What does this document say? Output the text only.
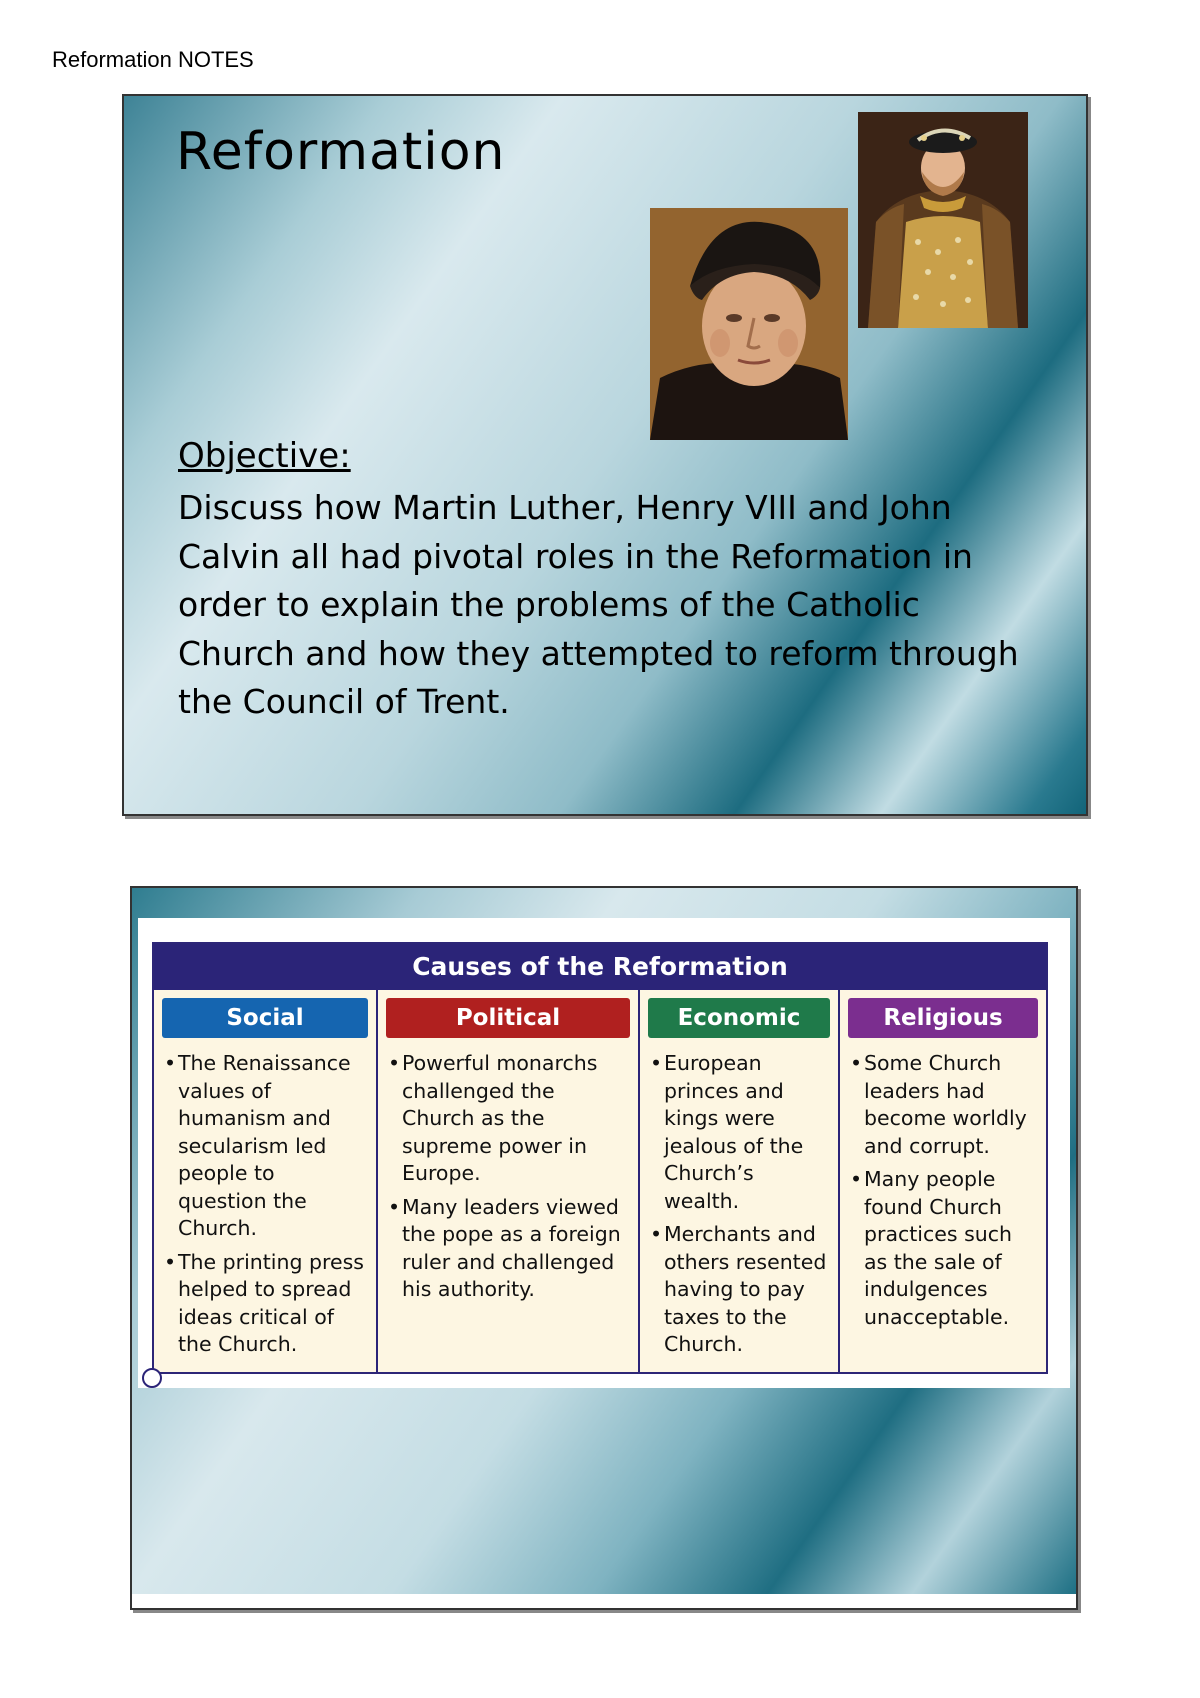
Reformation NOTES
Reformation
Objective:
Discuss how Martin Luther, Henry VIII and John Calvin all had pivotal roles in the Reformation in order to explain the problems of the Catholic Church and how they attempted to reform through the Council of Trent.
Causes of the Reformation
Social
• The Renaissance values of humanism and secularism led people to question the Church.
• The printing press helped to spread ideas critical of the Church.
Political
• Powerful monarchs challenged the Church as the supreme power in Europe.
• Many leaders viewed the pope as a foreign ruler and challenged his authority.
Economic
• European princes and kings were jealous of the Church’s wealth.
• Merchants and others resented having to pay taxes to the Church.
Religious
• Some Church leaders had become worldly and corrupt.
• Many people found Church practices such as the sale of indulgences unacceptable.
